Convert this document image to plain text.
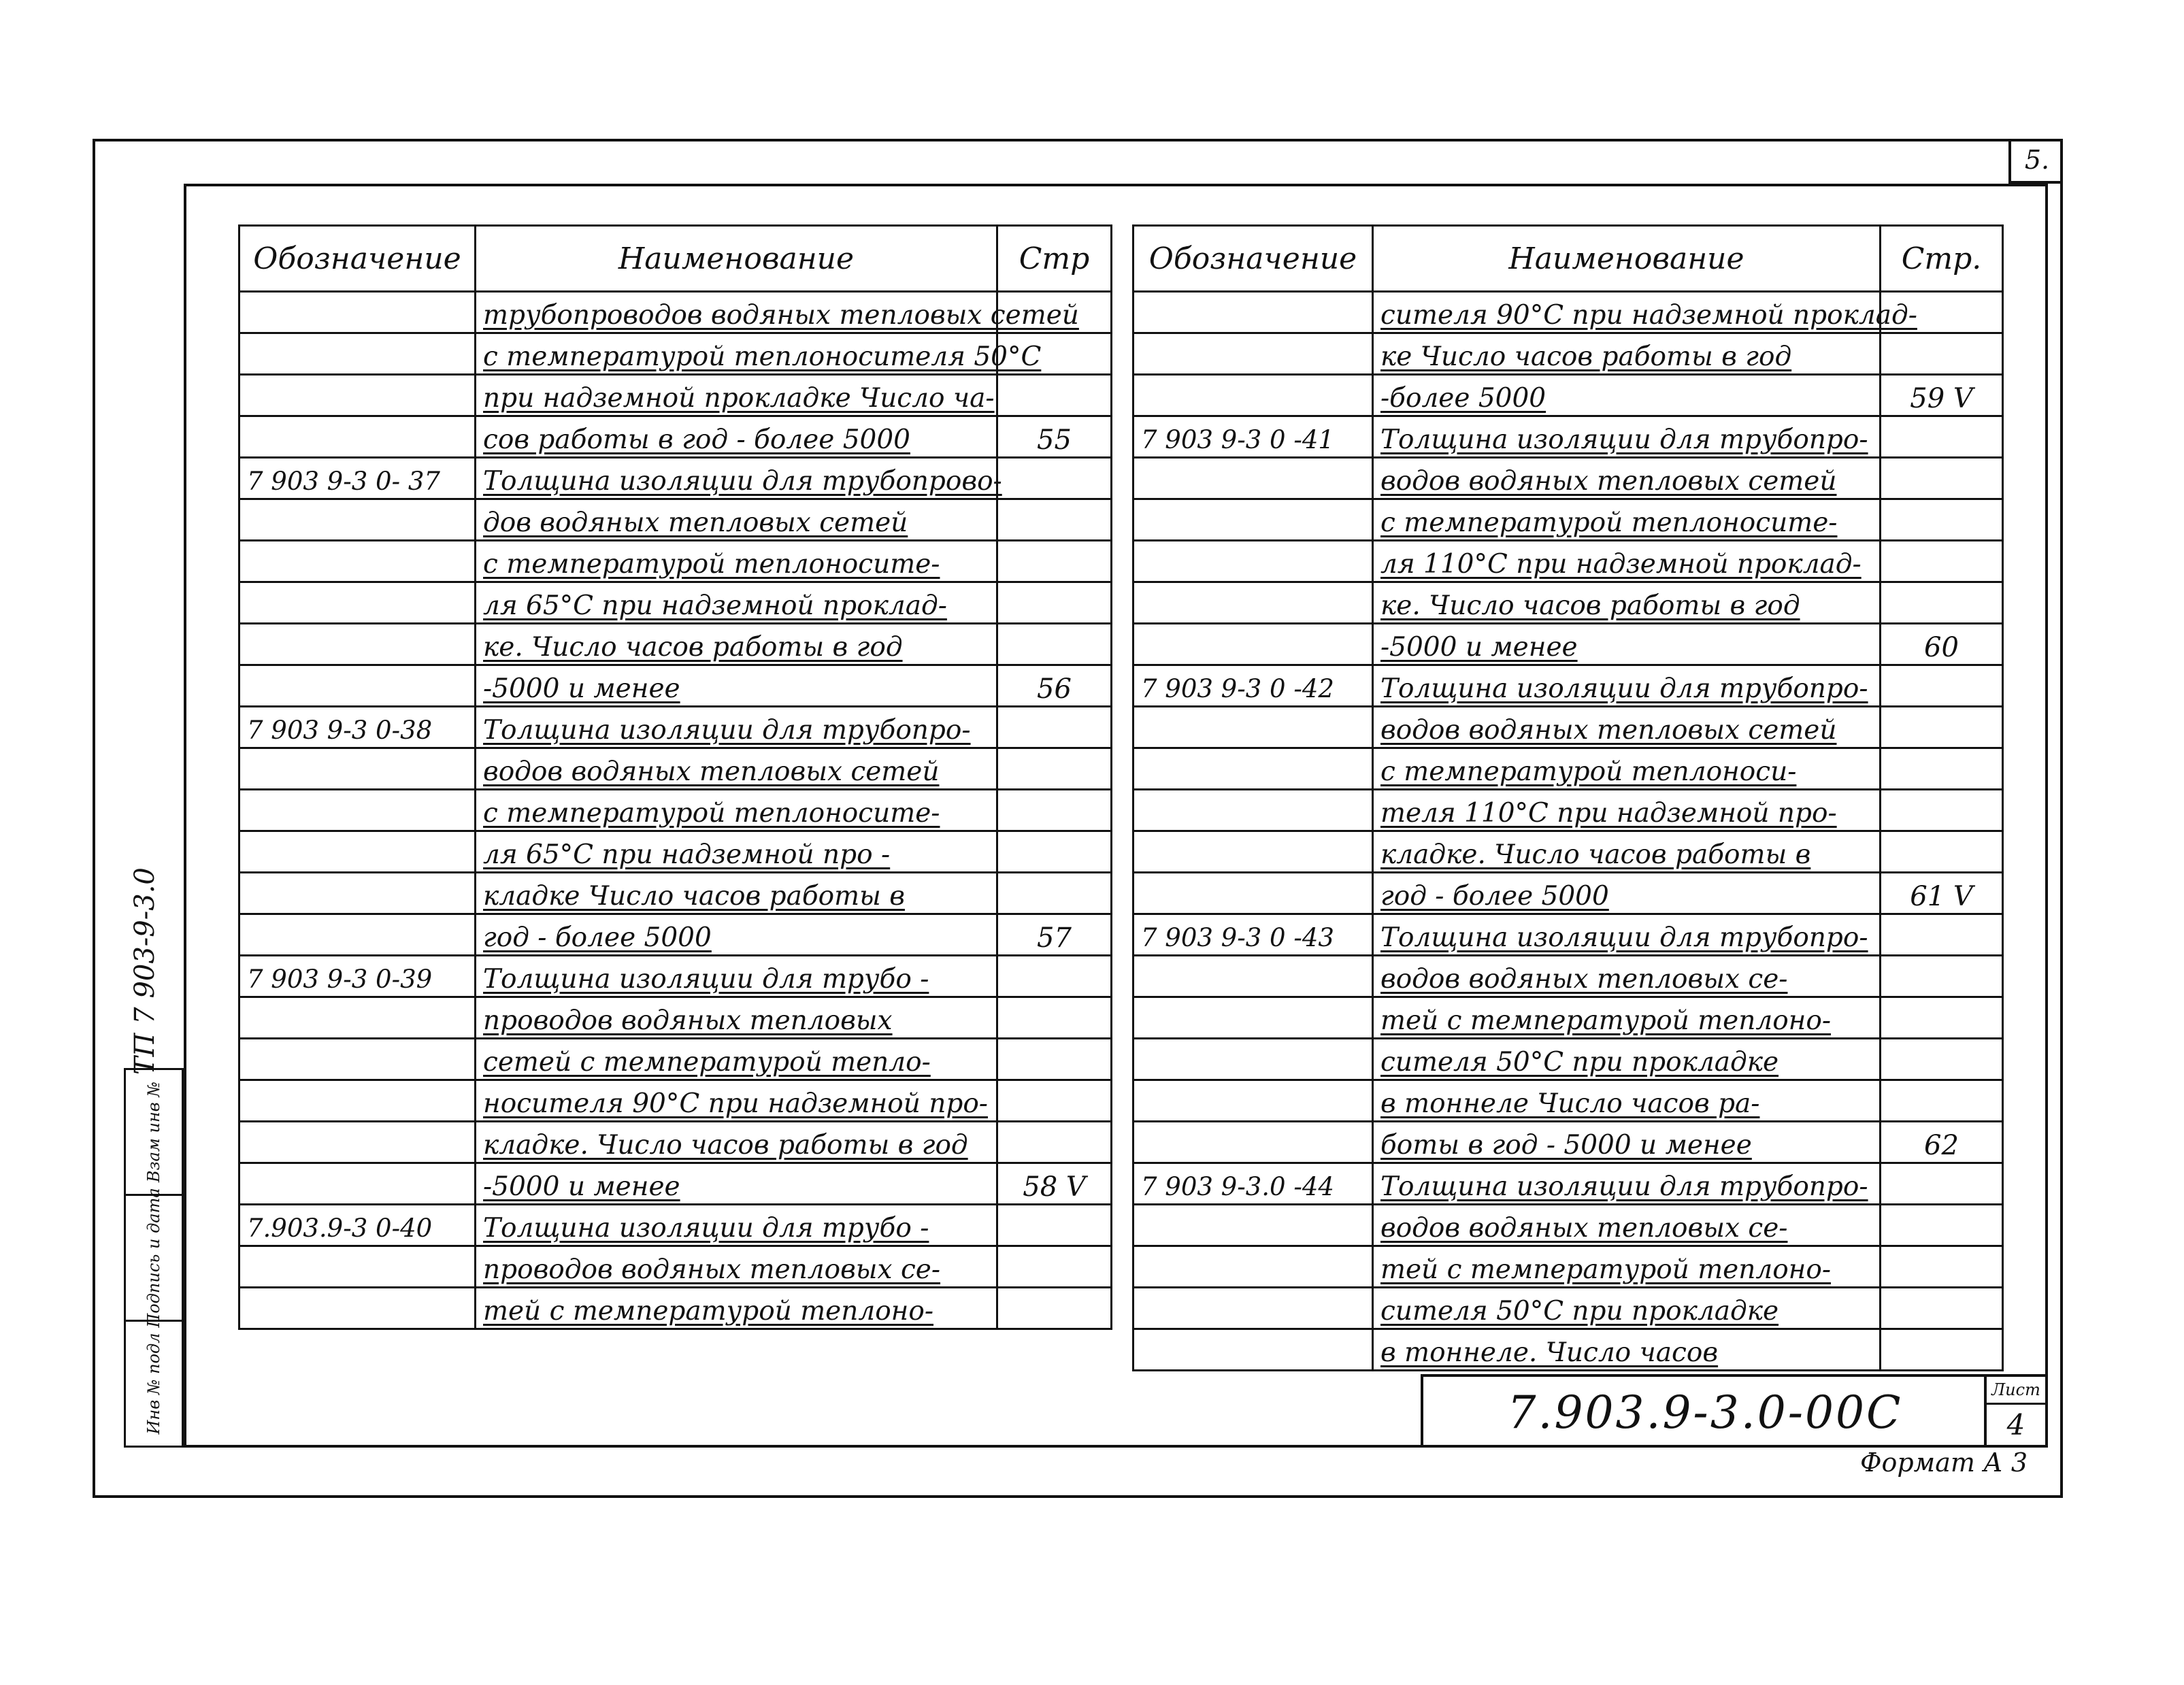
5.
Обозначение	Наименование	Стр
	трубопроводов водяных тепловых сетей	
	с температурой теплоносителя 50°С	
	при надземной прокладке Число ча-	
	сов работы в год - более 5000	55
7 903 9-3 0- 37	Толщина изоляции для трубопрово-	
	дов водяных тепловых сетей	
	с температурой теплоносите-	
	ля 65°С при надземной проклад-	
	ке. Число часов работы в год	
	-5000 и менее	56
7 903 9-3 0-38	Толщина изоляции для трубопро-	
	водов водяных тепловых сетей	
	с температурой теплоносите-	
	ля 65°С при надземной про -	
	кладке Число часов работы в	
	год - более 5000	57
7 903 9-3 0-39	Толщина изоляции для трубо -	
	проводов водяных тепловых	
	сетей с температурой тепло-	
	носителя 90°С при надземной про-	
	кладке. Число часов работы в год	
	-5000 и менее	58 V
7.903.9-3 0-40	Толщина изоляции для трубо -	
	проводов водяных тепловых се-	
	тей с температурой теплоно-	
Обозначение	Наименование	Стр.
	сителя 90°С при надземной проклад-	
	ке Число часов работы в год	
	-более 5000	59 V
7 903 9-3 0 -41	Толщина изоляции для трубопро-	
	водов водяных тепловых сетей	
	с температурой теплоносите-	
	ля 110°С при надземной проклад-	
	ке. Число часов работы в год	
	-5000 и менее	60
7 903 9-3 0 -42	Толщина изоляции для трубопро-	
	водов водяных тепловых сетей	
	с температурой теплоноси-	
	теля 110°С при надземной про-	
	кладке. Число часов работы в	
	год - более 5000	61 V
7 903 9-3 0 -43	Толщина изоляции для трубопро-	
	водов водяных тепловых се-	
	тей с температурой теплоно-	
	сителя 50°С при прокладке	
	в тоннеле Число часов ра-	
	боты в год - 5000 и менее	62
7 903 9-3.0 -44	Толщина изоляции для трубопро-	
	водов водяных тепловых се-	
	тей с температурой теплоно-	
	сителя 50°С при прокладке	
	в тоннеле. Число часов	
ТП 7 903-9-3.0
Инв № подл
Подпись и дата
Взам инв №
7.903.9-3.0-00С	Лист
4
Формат А 3
